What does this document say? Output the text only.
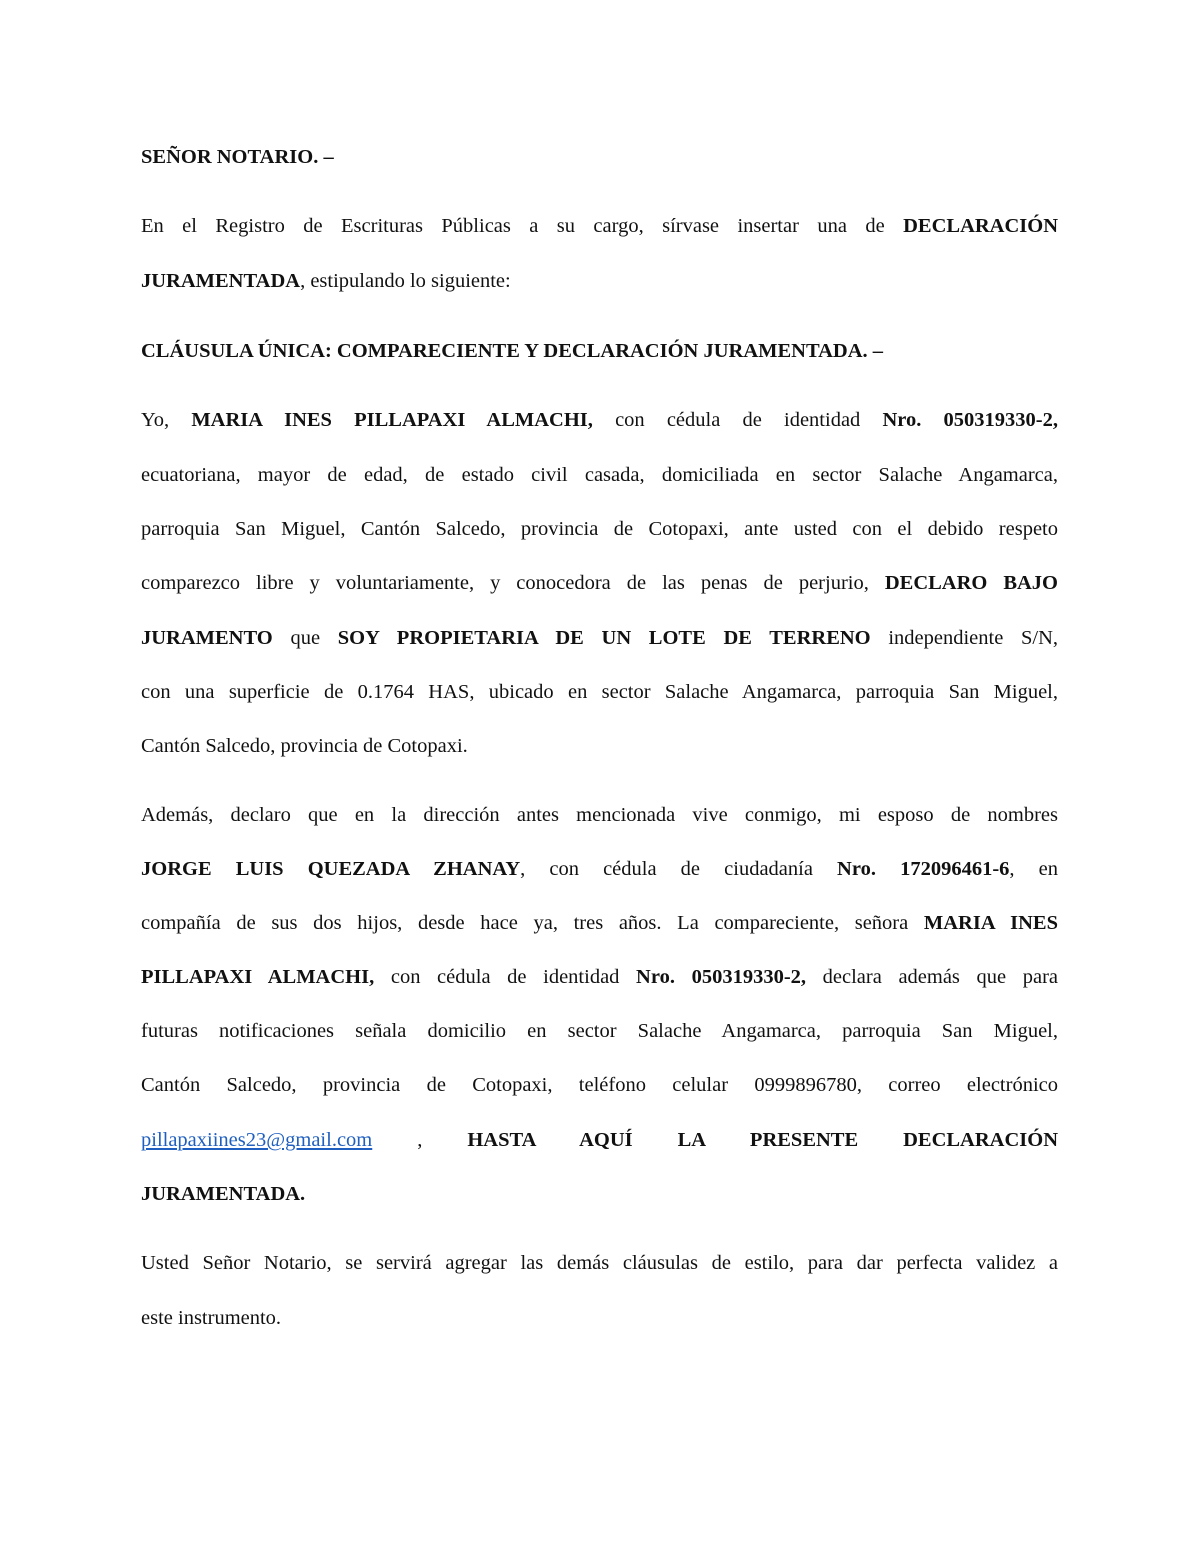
SEÑOR NOTARIO. –
En el Registro de Escrituras Públicas a su cargo, sírvase insertar una de DECLARACIÓN
JURAMENTADA, estipulando lo siguiente:
CLÁUSULA ÚNICA: COMPARECIENTE Y DECLARACIÓN JURAMENTADA. –
Yo, MARIA INES PILLAPAXI ALMACHI, con cédula de identidad Nro. 050319330-2,
ecuatoriana, mayor de edad, de estado civil casada, domiciliada en sector Salache Angamarca,
parroquia San Miguel, Cantón Salcedo, provincia de Cotopaxi, ante usted con el debido respeto
comparezco libre y voluntariamente, y conocedora de las penas de perjurio, DECLARO BAJO
JURAMENTO que SOY PROPIETARIA DE UN LOTE DE TERRENO independiente S/N,
con una superficie de 0.1764 HAS, ubicado en sector Salache Angamarca, parroquia San Miguel,
Cantón Salcedo, provincia de Cotopaxi.
Además, declaro que en la dirección antes mencionada vive conmigo, mi esposo de nombres
JORGE LUIS QUEZADA ZHANAY, con cédula de ciudadanía Nro. 172096461-6, en
compañía de sus dos hijos, desde hace ya, tres años. La compareciente, señora MARIA INES
PILLAPAXI ALMACHI, con cédula de identidad Nro. 050319330-2, declara además que para
futuras notificaciones señala domicilio en sector Salache Angamarca, parroquia San Miguel,
Cantón Salcedo, provincia de Cotopaxi, teléfono celular 0999896780, correo electrónico
pillapaxiines23@gmail.com , HASTA AQUÍ LA PRESENTE DECLARACIÓN
JURAMENTADA.
Usted Señor Notario, se servirá agregar las demás cláusulas de estilo, para dar perfecta validez a
este instrumento.
